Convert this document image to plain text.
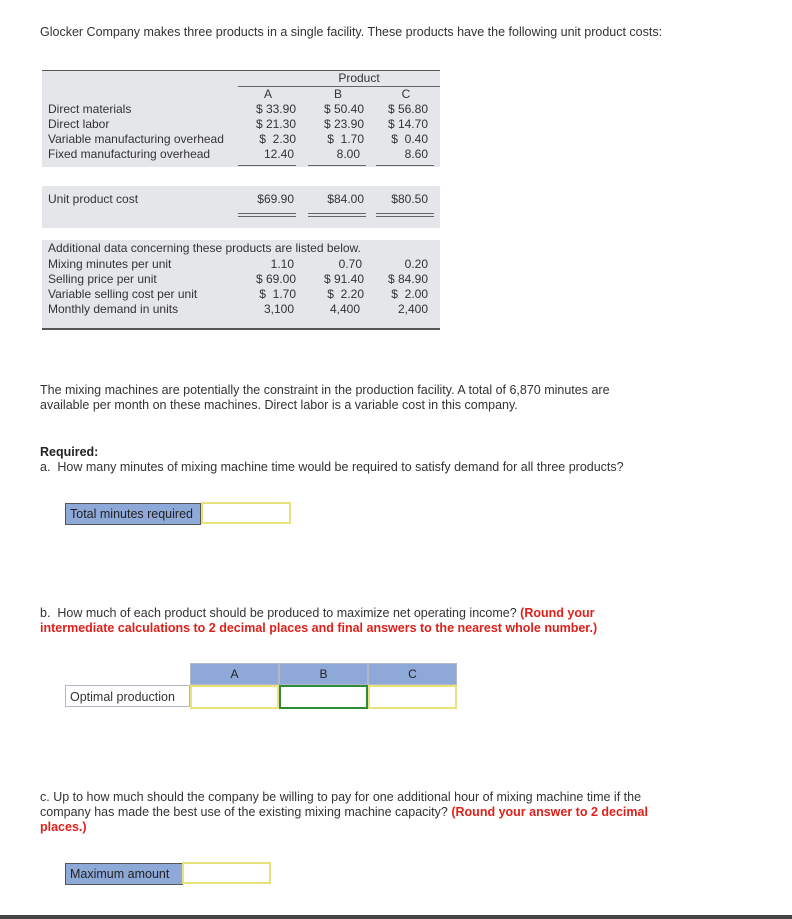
Glocker Company makes three products in a single facility. These products have the following unit product costs:

Product
A	B	C
Direct materials	$ 33.90	$ 50.40	$ 56.80
Direct labor	$ 21.30	$ 23.90	$ 14.70
Variable manufacturing overhead	$  2.30	$  1.70	$  0.40
Fixed manufacturing overhead	12.40	8.00	8.60
Unit product cost	$69.90	$84.00	$80.50
Additional data concerning these products are listed below.
Mixing minutes per unit	1.10	0.70	0.20
Selling price per unit	$ 69.00	$ 91.40	$ 84.90
Variable selling cost per unit	$  1.70	$  2.20	$  2.00
Monthly demand in units	3,100	4,400	2,400

The mixing machines are potentially the constraint in the production facility. A total of 6,870 minutes are available per month on these machines. Direct labor is a variable cost in this company.

Required:

a.  How many minutes of mixing machine time would be required to satisfy demand for all three products?

Total minutes required

b.  How much of each product should be produced to maximize net operating income? (Round your intermediate calculations to 2 decimal places and final answers to the nearest whole number.)

A	B	C
Optimal production

c. Up to how much should the company be willing to pay for one additional hour of mixing machine time if the company has made the best use of the existing mixing machine capacity? (Round your answer to 2 decimal places.)

Maximum amount
